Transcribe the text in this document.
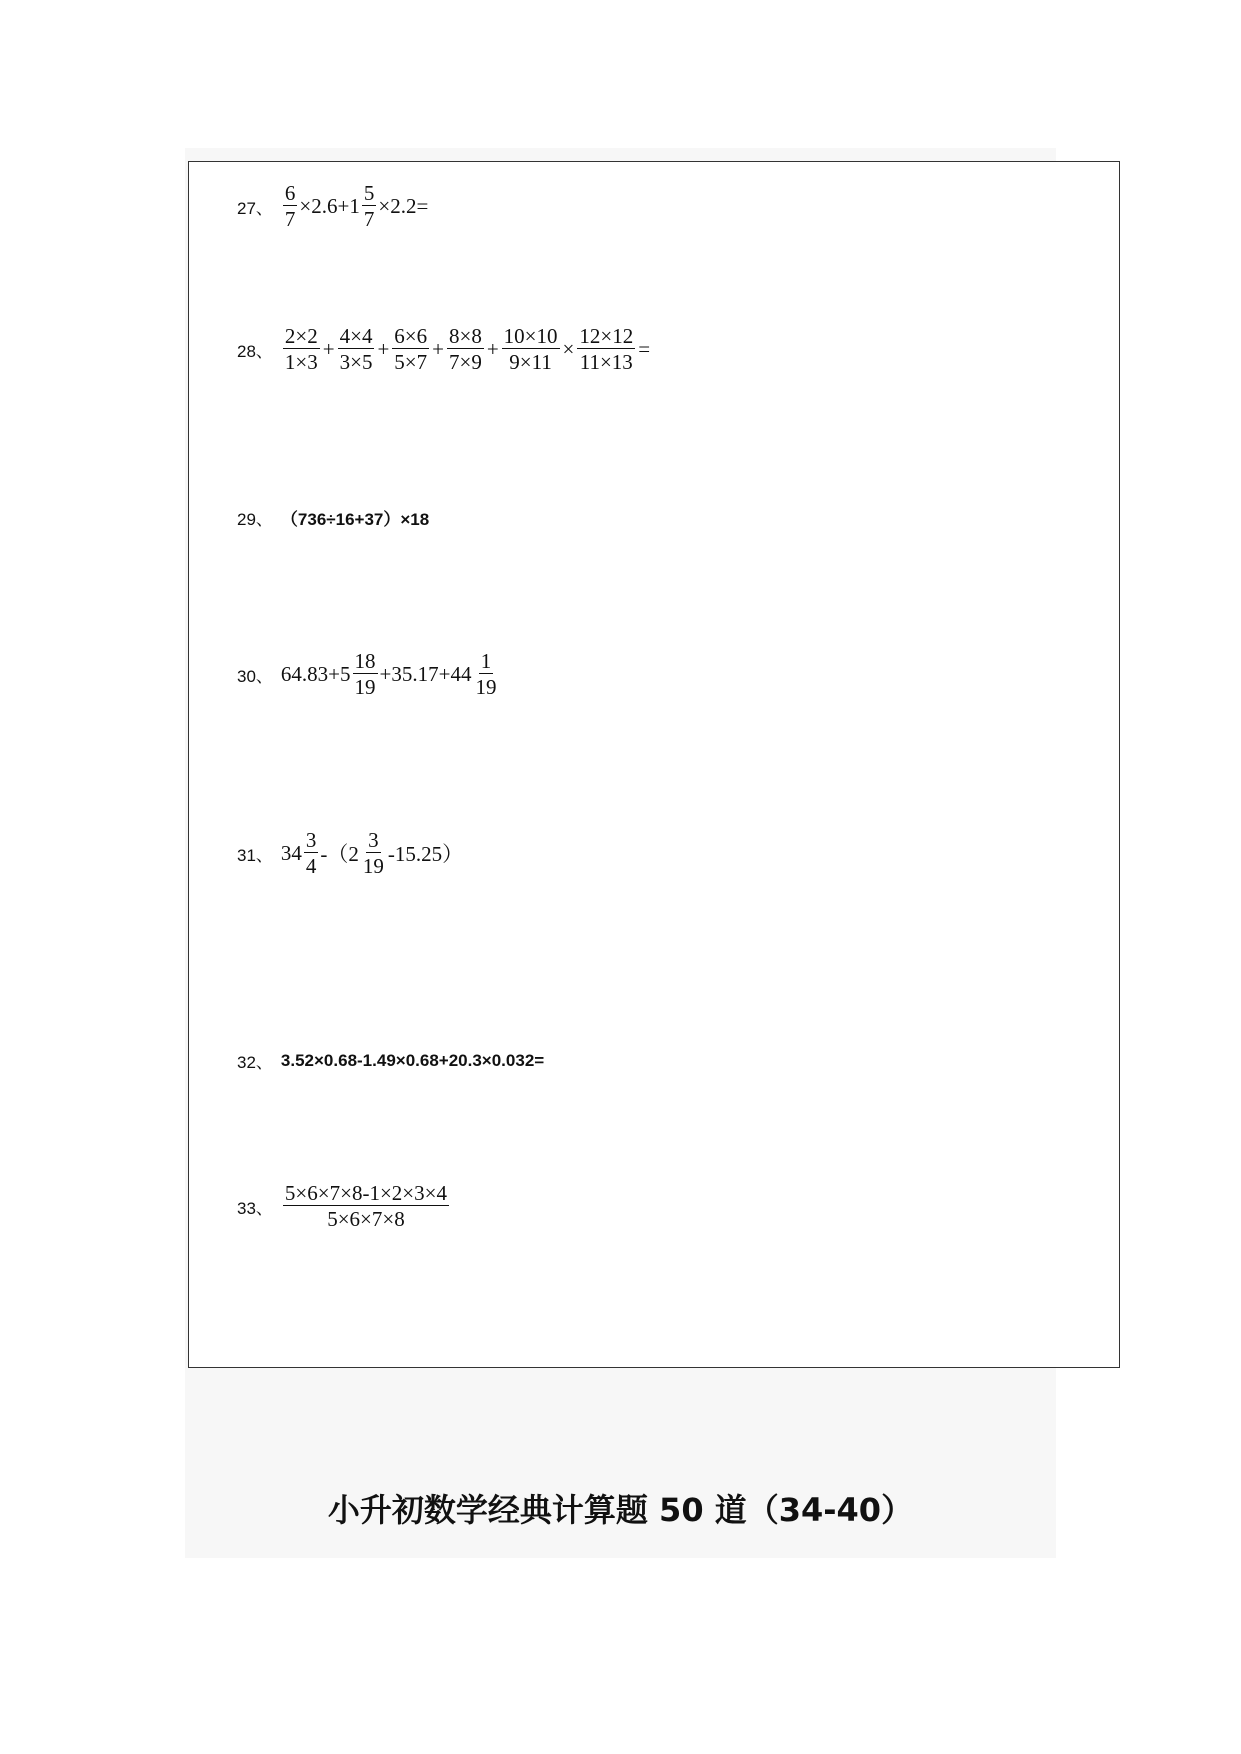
27、 $\frac{6}{7} \times 2.6+1 \frac{5}{7} \times 2.2=$
28、 $\frac{2\times 2}{1\times 3} + \frac{4\times 4}{3\times 5} + \frac{6\times 6}{5\times 7} + \frac{8\times 8}{7\times 9} + \frac{10\times 10}{9\times 11} \times \frac{12\times 12}{11\times 13}$ =
29、 （736÷16+37）×18
30、 $64.83+5 \frac{18}{19} +35.17+44 \frac{1}{19}$
31、 $34 \frac{3}{4} -(2 \frac{3}{19} -15.25)$
32、 3.52×0.68-1.49×0.68+20.3×0.032=
33、 $\frac{5\times 6\times 7\times 8-1\times 2\times 3\times 4}{5\times 6\times 7\times 8}$
小升初数学经典计算题 50 道（34-40）
